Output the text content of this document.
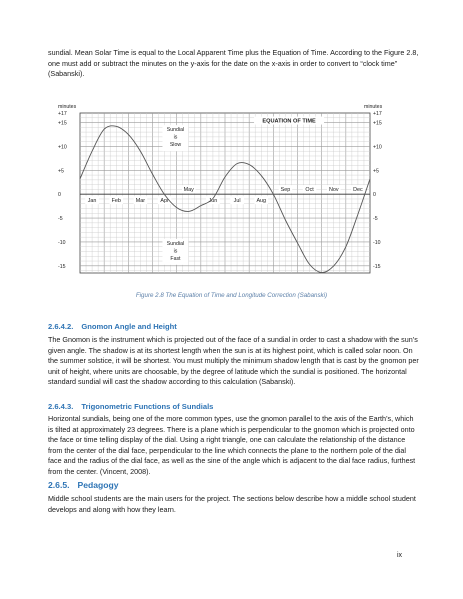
sundial. Mean Solar Time is equal to the Local Apparent Time plus the Equation of Time. According to the Figure 2.8, one must add or subtract the minutes on the y-axis for the date on the x-axis in order to convert to “clock time” (Sabanski).

+17	+17
+15	+15
+10	+10
+5	+5
0	0
-5	-5
-10	-10
-15	-15
minutes	minutes
Jan	Feb	Mar	Apr	Jun	Jul	Aug
May	Sep	Oct	Nov	Dec
EQUATION OF TIME
Sundial
is
Slow
Sundial
is
Fast
Figure 2.8 The Equation of Time and Longitude Correction (Sabanski)
2.6.4.2. Gnomon Angle and Height

The Gnomon is the instrument which is projected out of the face of a sundial in order to cast a shadow with the sun’s given angle. The shadow is at its shortest length when the sun is at its highest point, which is called solar noon. On the summer solstice, it will be shortest. You must multiply the minimum shadow length that is cast by the gnomon per unit of height, where units are choosable, by the degree of latitude which the sundial is positioned. The horizontal standard sundial will cast the shadow according to this calculation (Sabanski).

2.6.4.3. Trigonometric Functions of Sundials

Horizontal sundials, being one of the more common types, use the gnomon parallel to the axis of the Earth’s, which is tilted at approximately 23 degrees. There is a plane which is perpendicular to the gnomon which is projected onto the face or time telling display of the dial. Using a right triangle, one can calculate the relationship of the distance from the center of the dial face, perpendicular to the line which connects the plane to the northern pole of the dial face and the radius of the dial face, as well as the sine of the angle which is adjacent to the dial face radius, furthest from the center. (Vincent, 2008).

2.6.5. Pedagogy

Middle school students are the main users for the project. The sections below describe how a middle school student develops and along with how they learn.

ix
